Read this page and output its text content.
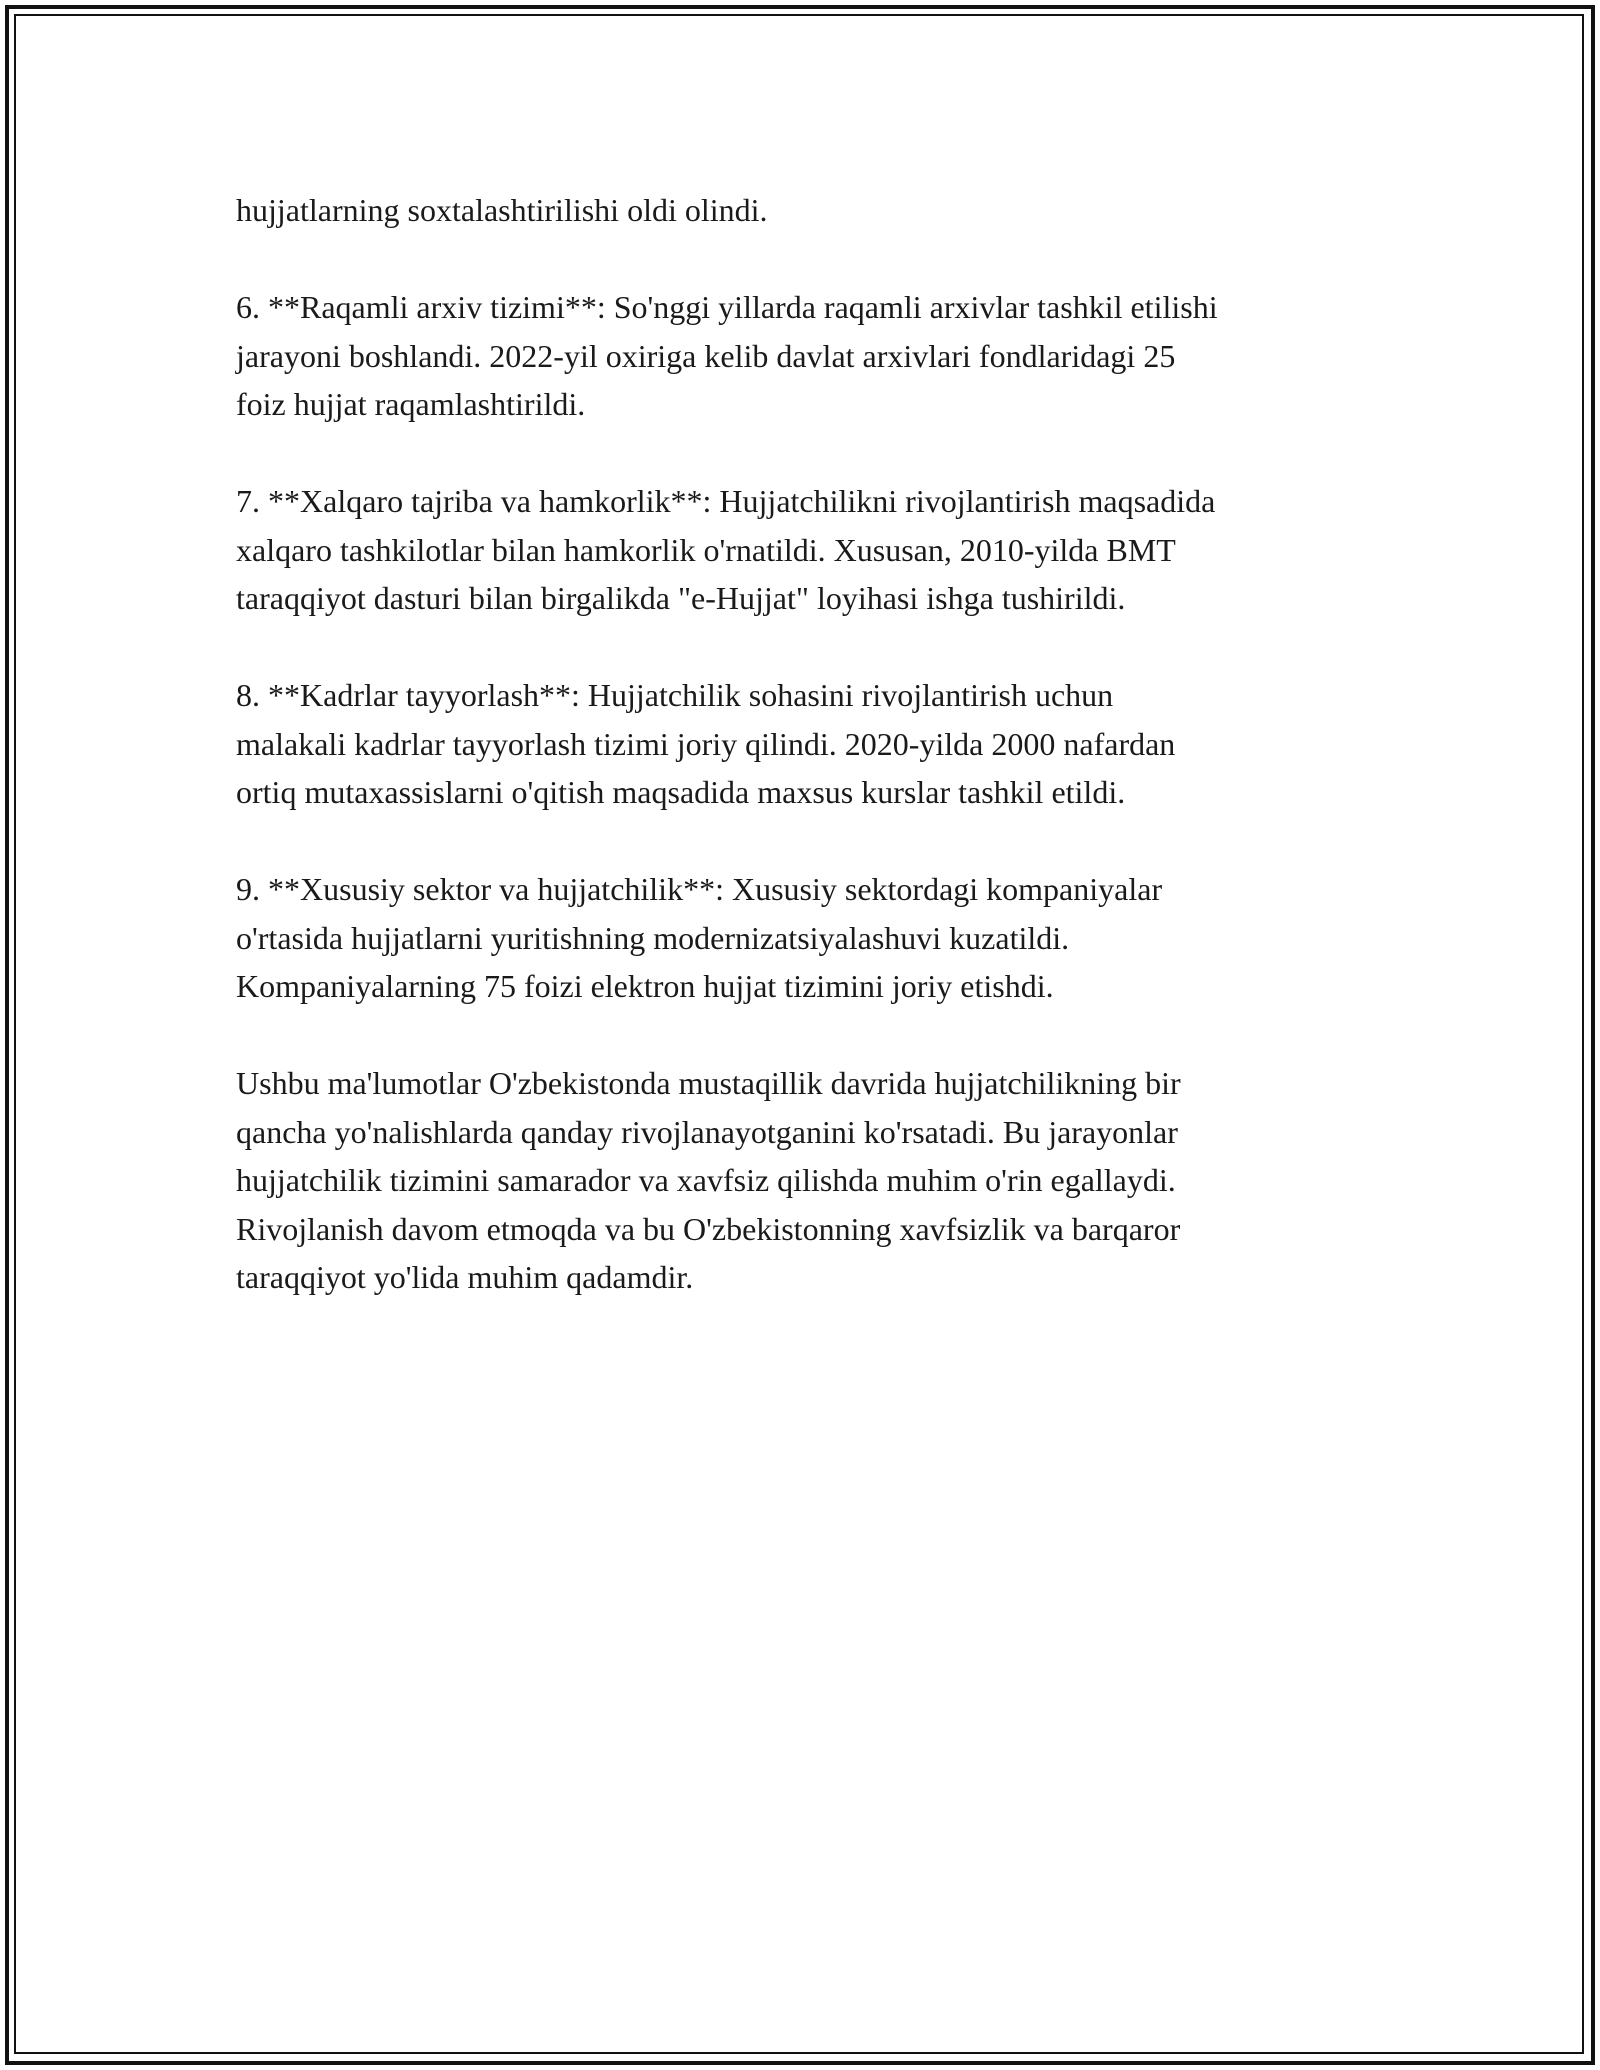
hujjatlarning soxtalashtirilishi oldi olindi.

6. **Raqamli arxiv tizimi**: So'nggi yillarda raqamli arxivlar tashkil etilishi
jarayoni boshlandi. 2022-yil oxiriga kelib davlat arxivlari fondlaridagi 25
foiz hujjat raqamlashtirildi.

7. **Xalqaro tajriba va hamkorlik**: Hujjatchilikni rivojlantirish maqsadida
xalqaro tashkilotlar bilan hamkorlik o'rnatildi. Xususan, 2010-yilda BMT
taraqqiyot dasturi bilan birgalikda "e-Hujjat" loyihasi ishga tushirildi.

8. **Kadrlar tayyorlash**: Hujjatchilik sohasini rivojlantirish uchun
malakali kadrlar tayyorlash tizimi joriy qilindi. 2020-yilda 2000 nafardan
ortiq mutaxassislarni o'qitish maqsadida maxsus kurslar tashkil etildi.

9. **Xususiy sektor va hujjatchilik**: Xususiy sektordagi kompaniyalar
o'rtasida hujjatlarni yuritishning modernizatsiyalashuvi kuzatildi.
Kompaniyalarning 75 foizi elektron hujjat tizimini joriy etishdi.

Ushbu ma'lumotlar O'zbekistonda mustaqillik davrida hujjatchilikning bir
qancha yo'nalishlarda qanday rivojlanayotganini ko'rsatadi. Bu jarayonlar
hujjatchilik tizimini samarador va xavfsiz qilishda muhim o'rin egallaydi.
Rivojlanish davom etmoqda va bu O'zbekistonning xavfsizlik va barqaror
taraqqiyot yo'lida muhim qadamdir.
